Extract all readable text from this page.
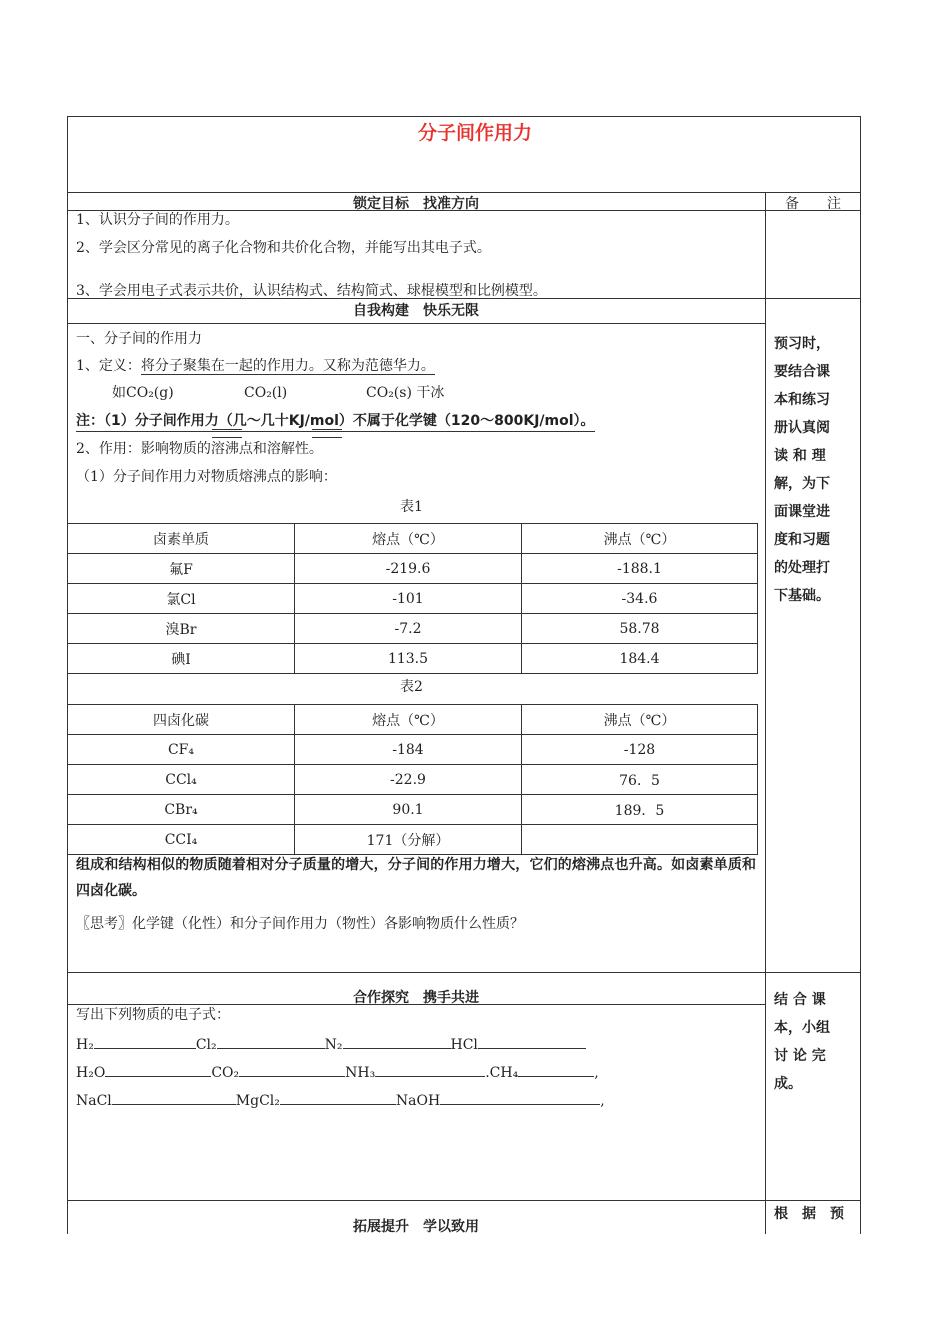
分子间作用力
锁定目标　找准方向	备　　注
1、认识分子间的作用力。
2、学会区分常见的离子化合物和共价化合物，并能写出其电子式。
3、学会用电子式表示共价，认识结构式、结构简式、球棍模型和比例模型。
自我构建　快乐无限
一、分子间的作用力
1、定义：将分子聚集在一起的作用力。又称为范德华力。
如CO₂(g)	CO₂(l)	CO₂(s) 干冰
注：（1）分子间作用力（几～几十KJ/mol）不属于化学键（120～800KJ/mol）。
2、作用：影响物质的溶沸点和溶解性。
（1）分子间作用力对物质熔沸点的影响：
表1
卤素单质	熔点（℃）	沸点（℃）
氟F	-219.6	-188.1
氯Cl	-101	-34.6
溴Br	-7.2	58.78
碘I	113.5	184.4
表2
四卤化碳	熔点（℃）	沸点（℃）
CF₄	-184	-128
CCl₄	-22.9	76．5
CBr₄	90.1	189．5
CCI₄	171（分解）	
组成和结构相似的物质随着相对分子质量的增大，分子间的作用力增大，它们的熔沸点也升高。如卤素单质和四卤化碳。
〖思考〗化学键（化性）和分子间作用力（物性）各影响物质什么性质？
合作探究　携手共进
写出下列物质的电子式：
H₂	Cl₂	N₂	HCl
H₂O	CO₂	NH₃	.CH₄	,
NaCl	MgCl₂	NaOH	,
拓展提升　学以致用
预习时，
要结合课
本和练习
册认真阅
读 和 理
解，为下
面课堂进
度和习题
的处理打
下基础。
结 合 课
本，小组
讨 论 完
成。
根　据　预
